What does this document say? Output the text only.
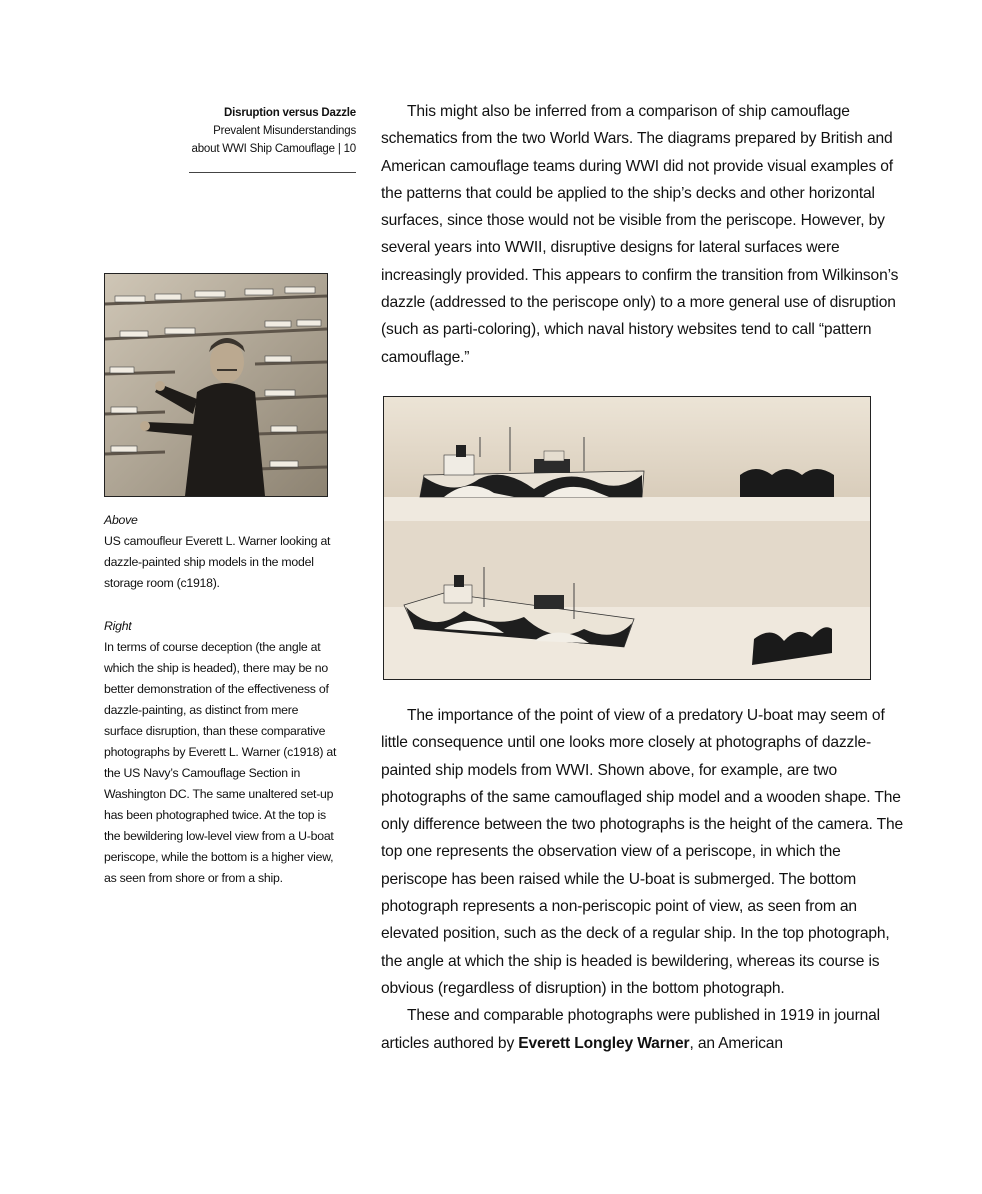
Disruption versus Dazzle
Prevalent Misunderstandings
about WWI Ship Camouflage | 10
Above
US camoufleur Everett L. Warner looking at dazzle-painted ship models in the model storage room (c1918).
Right
In terms of course deception (the angle at which the ship is headed), there may be no better demonstration of the effectiveness of dazzle-painting, as distinct from mere surface disruption, than these comparative photographs by Everett L. Warner (c1918) at the US Navy’s Camouflage Section in Washington DC. The same unaltered set-up has been photographed twice. At the top is the bewildering low-level view from a U-boat periscope, while the bottom is a higher view, as seen from shore or from a ship.

This might also be inferred from a comparison of ship camouflage schematics from the two World Wars. The diagrams prepared by British and American camouflage teams during WWI did not provide visual examples of the patterns that could be applied to the ship’s decks and other horizontal surfaces, since those would not be visible from the periscope. However, by several years into WWII, disruptive designs for lateral surfaces were increasingly provided. This appears to confirm the transition from Wilkinson’s dazzle (addressed to the periscope only) to a more general use of disruption (such as parti-coloring), which naval history websites tend to call “pattern camouflage.”

The importance of the point of view of a predatory U-boat may seem of little consequence until one looks more closely at photographs of dazzle-painted ship models from WWI. Shown above, for example, are two photographs of the same camouflaged ship model and a wooden shape. The only difference between the two photographs is the height of the camera. The top one represents the observation view of a periscope, in which the periscope has been raised while the U-boat is submerged. The bottom photograph represents a non-periscopic point of view, as seen from an elevated position, such as the deck of a regular ship. In the top photograph, the angle at which the ship is headed is bewildering, whereas its course is obvious (regardless of disruption) in the bottom photograph.

These and comparable photographs were published in 1919 in journal articles authored by Everett Longley Warner, an American
